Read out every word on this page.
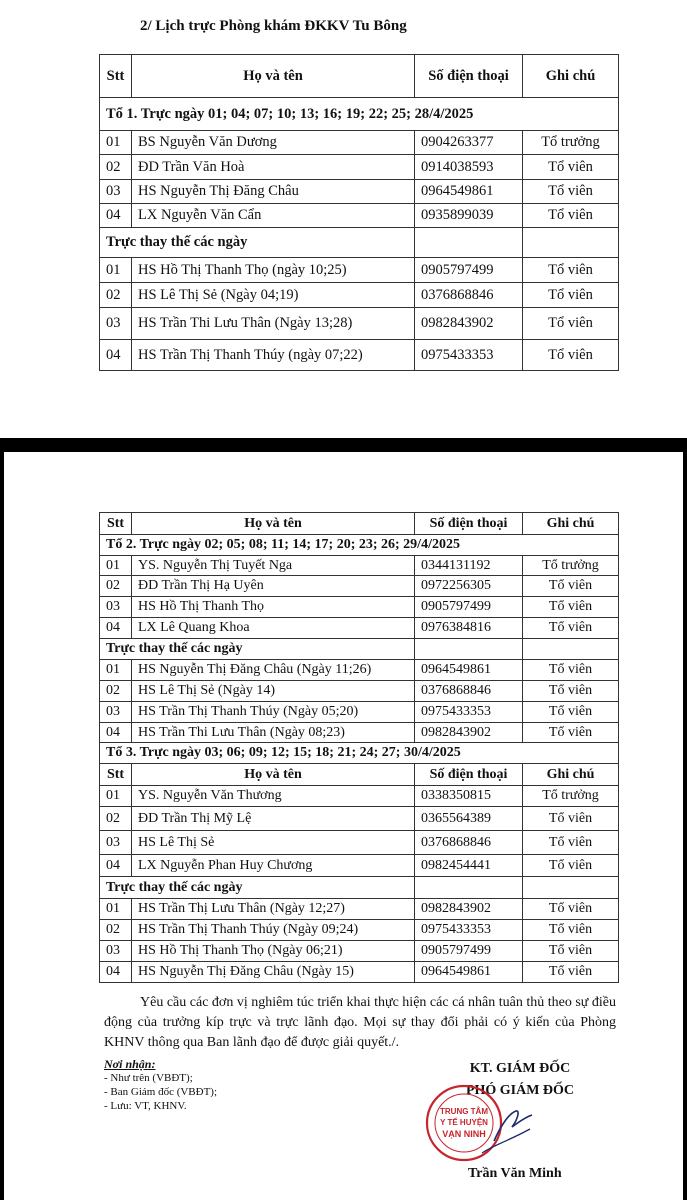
2/ Lịch trực Phòng khám ĐKKV Tu Bông
Stt	Họ và tên	Số điện thoại	Ghi chú
Tổ 1. Trực ngày 01; 04; 07; 10; 13; 16; 19; 22; 25; 28/4/2025			
01	BS Nguyễn Văn Dương	0904263377	Tổ trưởng
02	ĐD Trần Văn Hoà	0914038593	Tổ viên
03	HS Nguyễn Thị Đăng Châu	0964549861	Tổ viên
04	LX Nguyễn Văn Cẩn	0935899039	Tổ viên
Trực thay thế các ngày			
01	HS Hồ Thị Thanh Thọ (ngày 10;25)	0905797499	Tổ viên
02	HS Lê Thị Sẻ (Ngày 04;19)	0376868846	Tổ viên
03	HS Trần Thi Lưu Thân (Ngày 13;28)	0982843902	Tổ viên
04	HS Trần Thị Thanh Thúy (ngày 07;22)	0975433353	Tổ viên
Stt	Họ và tên	Số điện thoại	Ghi chú
Tổ 2. Trực ngày 02; 05; 08; 11; 14; 17; 20; 23; 26; 29/4/2025			
01	YS. Nguyễn Thị Tuyết Nga	0344131192	Tổ trưởng
02	ĐD Trần Thị Hạ Uyên	0972256305	Tổ viên
03	HS Hồ Thị Thanh Thọ	0905797499	Tổ viên
04	LX Lê Quang Khoa	0976384816	Tổ viên
Trực thay thế các ngày			
01	HS Nguyễn Thị Đăng Châu (Ngày 11;26)	0964549861	Tổ viên
02	HS Lê Thị Sẻ (Ngày 14)	0376868846	Tổ viên
03	HS Trần Thị Thanh Thúy (Ngày 05;20)	0975433353	Tổ viên
04	HS Trần Thi Lưu Thân (Ngày 08;23)	0982843902	Tổ viên
Tổ 3. Trực ngày 03; 06; 09; 12; 15; 18; 21; 24; 27; 30/4/2025			
Stt	Họ và tên	Số điện thoại	Ghi chú
01	YS. Nguyễn Văn Thương	0338350815	Tổ trưởng
02	ĐD Trần Thị Mỹ Lệ	0365564389	Tổ viên
03	HS Lê Thị Sẻ	0376868846	Tổ viên
04	LX Nguyễn Phan Huy Chương	0982454441	Tổ viên
Trực thay thế các ngày			
01	HS Trần Thị Lưu Thân (Ngày 12;27)	0982843902	Tổ viên
02	HS Trần Thị Thanh Thúy (Ngày 09;24)	0975433353	Tổ viên
03	HS Hồ Thị Thanh Thọ (Ngày 06;21)	0905797499	Tổ viên
04	HS Nguyễn Thị Đăng Châu (Ngày 15)	0964549861	Tổ viên

Yêu cầu các đơn vị nghiêm túc triển khai thực hiện các cá nhân tuân thủ theo sự điều động của trưởng kíp trực và trực lãnh đạo. Mọi sự thay đổi phải có ý kiến của Phòng KHNV thông qua Ban lãnh đạo để được giải quyết./.

Nơi nhận:
- Như trên (VBĐT);
- Ban Giám đốc (VBĐT);
- Lưu: VT, KHNV.
KT. GIÁM ĐỐC
PHÓ GIÁM ĐỐC
TRUNG TÂM
Y TẾ HUYỆN
VẠN NINH
Trần Văn Minh
